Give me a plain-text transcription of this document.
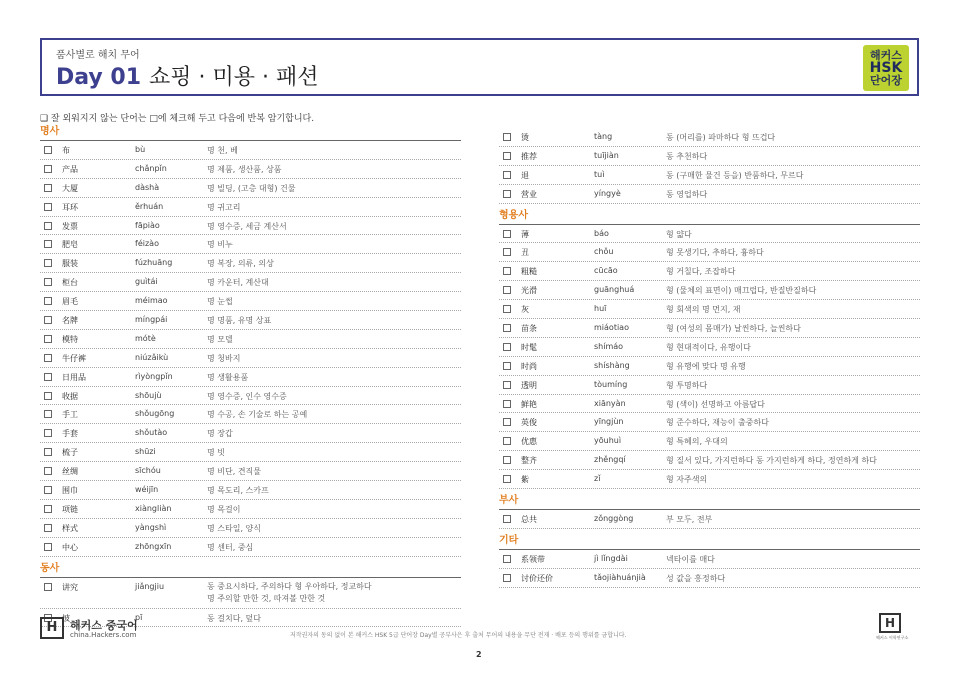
품사별로 해치 무어
Day 01 쇼핑 · 미용 · 패션
해커스
HSK
단어장
❑ 잘 외워지지 않는 단어는 □에 체크해 두고 다음에 반복 암기합니다.
명사
布	bù	명 천, 베
产品	chǎnpǐn	명 제품, 생산품, 상품
大厦	dàshà	명 빌딩, (고층 대형) 건물
耳环	ěrhuán	명 귀고리
发票	fāpiào	명 영수증, 세금 계산서
肥皂	féizào	명 비누
服装	fúzhuāng	명 복장, 의류, 의상
柜台	guìtái	명 카운터, 계산대
眉毛	méimao	명 눈썹
名牌	míngpái	명 명품, 유명 상표
模特	mótè	명 모델
牛仔裤	niúzǎikù	명 청바지
日用品	rìyòngpǐn	명 생활용품
收据	shōujù	명 영수증, 인수 영수증
手工	shǒugōng	명 수공, 손 기술로 하는 공예
手套	shǒutào	명 장갑
梳子	shūzi	명 빗
丝绸	sīchóu	명 비단, 견직물
围巾	wéijīn	명 목도리, 스카프
项链	xiàngliàn	명 목걸이
样式	yàngshì	명 스타일, 양식
中心	zhōngxīn	명 센터, 중심
동사
讲究	jiǎngjiu	동 중요시하다, 주의하다 형 우아하다, 정교하다
명 주의할 만한 것, 따져볼 만한 것
披	pī	동 걸치다, 덮다
烫	tàng	동 (머리를) 파마하다 형 뜨겁다
推荐	tuījiàn	동 추천하다
退	tuì	동 (구매한 물건 등을) 반품하다, 무르다
营业	yíngyè	동 영업하다
형용사
薄	báo	형 얇다
丑	chǒu	형 못생기다, 추하다, 흉하다
粗糙	cūcāo	형 거칠다, 조잡하다
光滑	guānghuá	형 (물체의 표면이) 매끄럽다, 반질반질하다
灰	huī	형 회색의 명 먼지, 재
苗条	miáotiao	형 (여성의 몸매가) 날씬하다, 늘씬하다
时髦	shímáo	형 현대적이다, 유행이다
时尚	shíshàng	형 유행에 맞다 명 유행
透明	tòumíng	형 투명하다
鲜艳	xiānyàn	형 (색이) 선명하고 아름답다
英俊	yīngjùn	형 준수하다, 재능이 출중하다
优惠	yōuhuì	형 특혜의, 우대의
整齐	zhěngqí	형 질서 있다, 가지런하다 동 가지런하게 하다, 정연하게 하다
紫	zǐ	형 자주색의
부사
总共	zǒnggòng	부 모두, 전부
기타
系领带	jì lǐngdài	넥타이를 매다
讨价还价	tǎojiàhuánjià	성 값을 흥정하다
H 해커스 중국어
china.Hackers.com	저작권자의 동의 없이 본 해커스 HSK 5급 단어장 Day별 공부사은 후 출처 무어의 내용을 무단 전재 · 배포 등의 행위를 금합니다.
2
H
해커스 어학연구소
